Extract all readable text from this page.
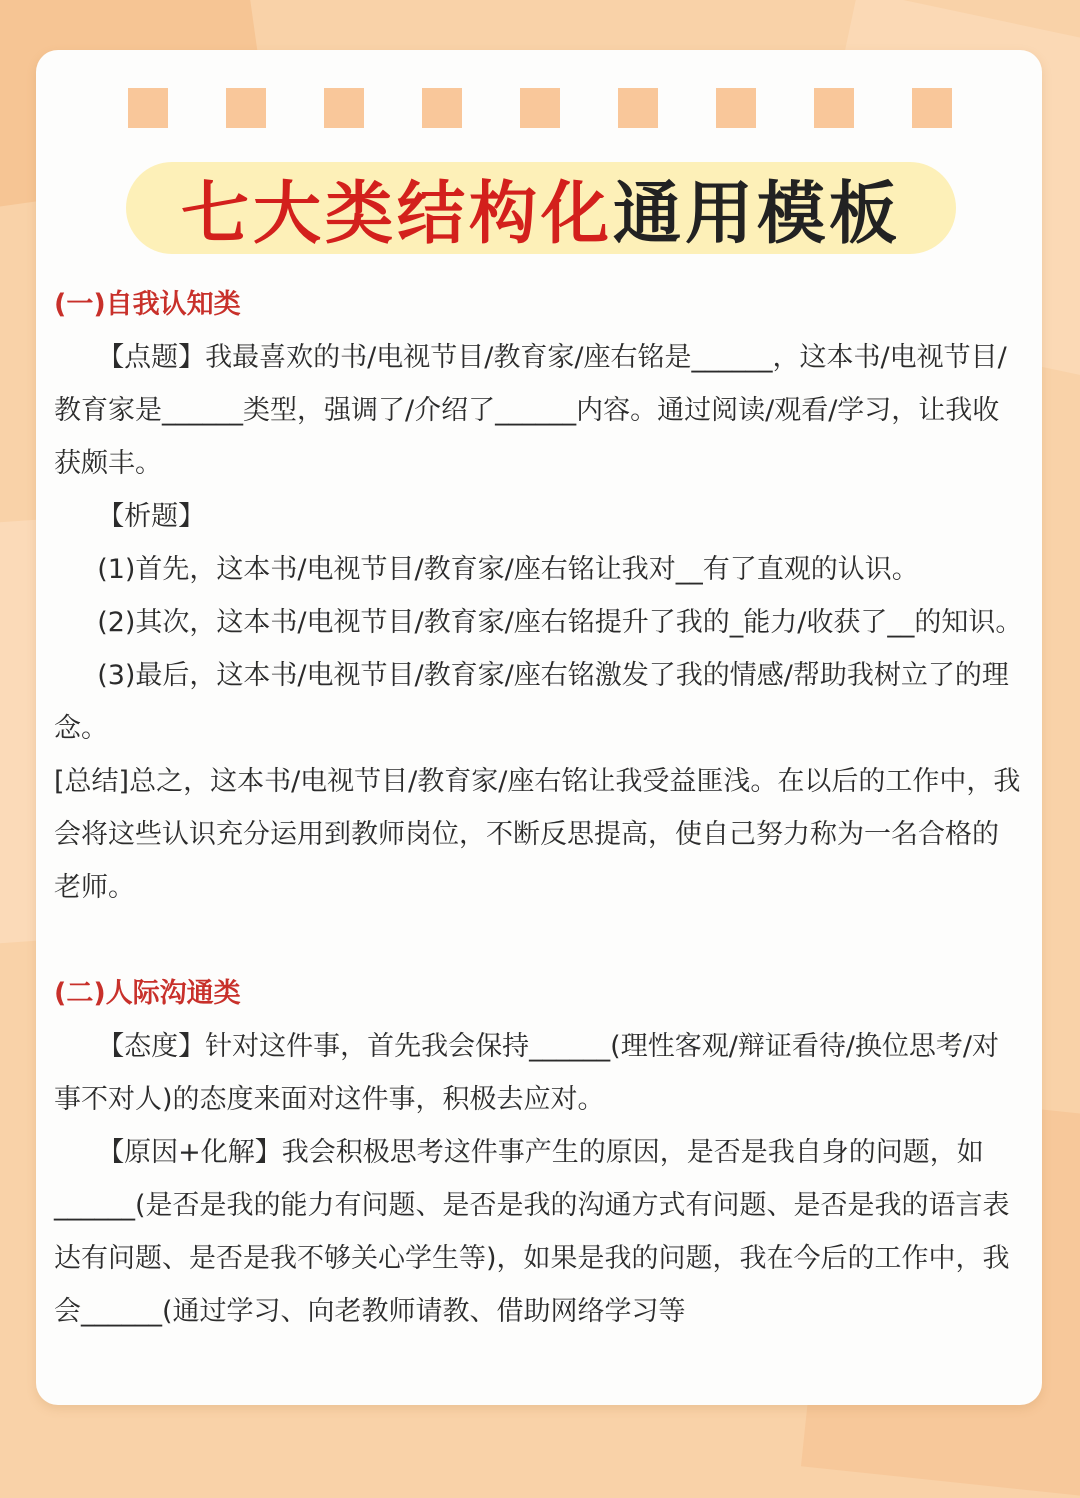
七大类结构化 通用模板

(一)自我认知类

【点题】我最喜欢的书/电视节目/教育家/座右铭是______，这本书/电视节目/教育家是______类型，强调了/介绍了______内容。通过阅读/观看/学习，让我收获颇丰。

【析题】

(1)首先，这本书/电视节目/教育家/座右铭让我对__有了直观的认识。

(2)其次，这本书/电视节目/教育家/座右铭提升了我的_能力/收获了__的知识。

(3)最后，这本书/电视节目/教育家/座右铭激发了我的情感/帮助我树立了的理念。

[总结]总之，这本书/电视节目/教育家/座右铭让我受益匪浅。在以后的工作中，我会将这些认识充分运用到教师岗位，不断反思提高，使自己努力称为一名合格的老师。

(二)人际沟通类

【态度】针对这件事，首先我会保持______(理性客观/辩证看待/换位思考/对事不对人)的态度来面对这件事，积极去应对。

【原因+化解】我会积极思考这件事产生的原因，是否是我自身的问题，如______(是否是我的能力有问题、是否是我的沟通方式有问题、是否是我的语言表达有问题、是否是我不够关心学生等)，如果是我的问题，我在今后的工作中，我会______(通过学习、向老教师请教、借助网络学习等
